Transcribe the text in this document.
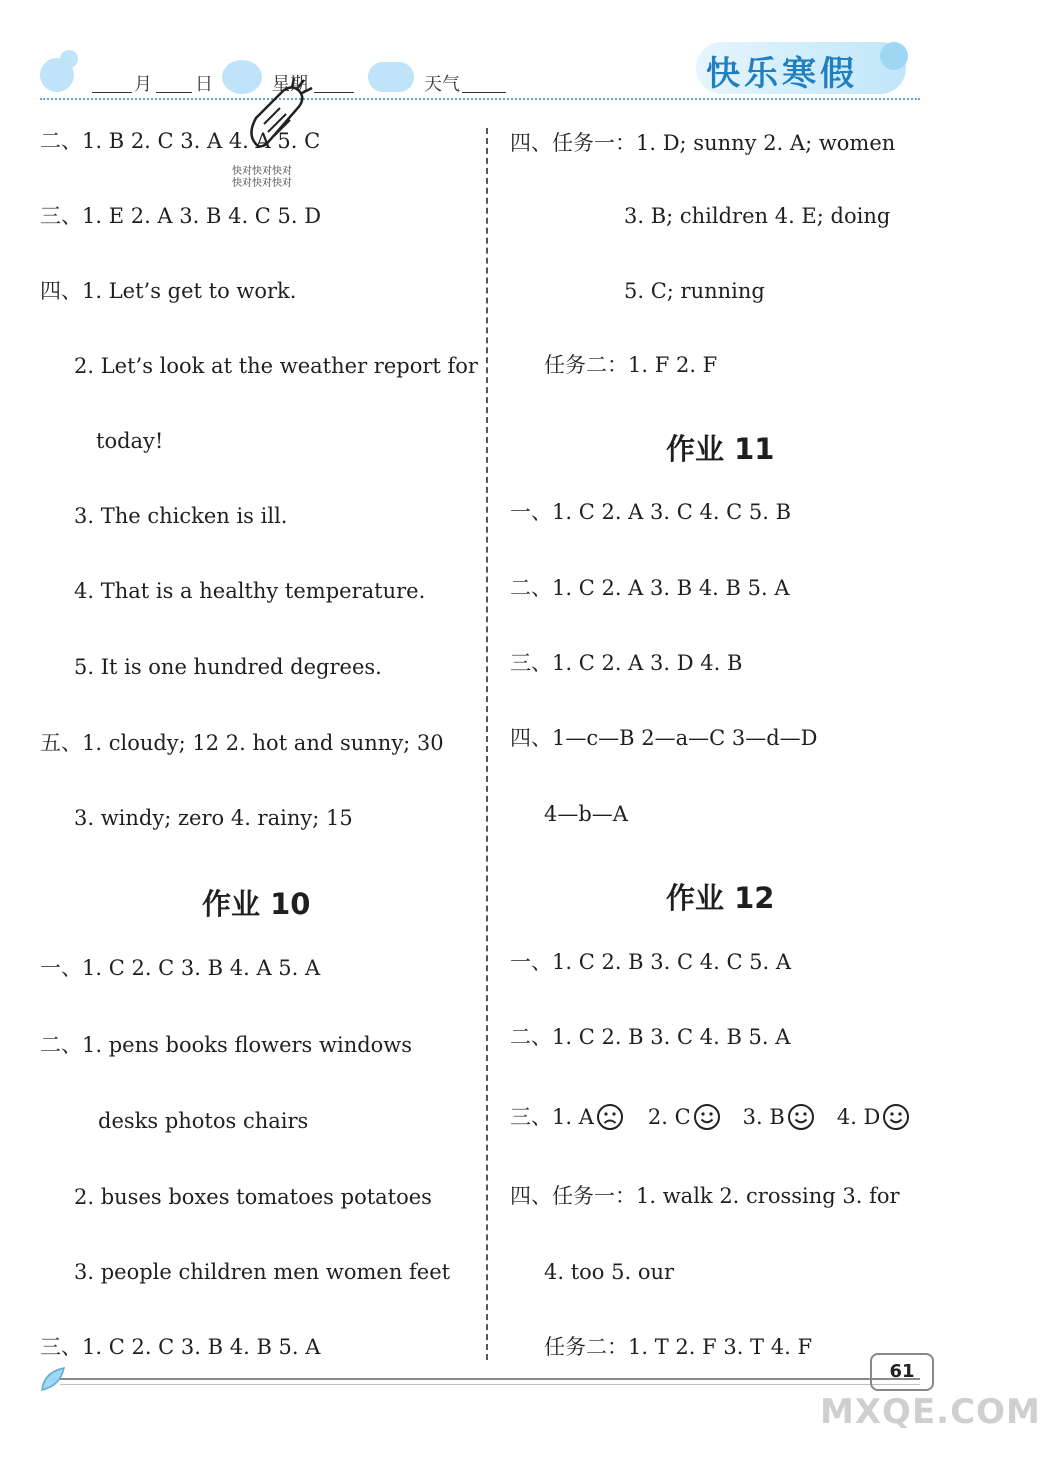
月 日	星期	天气	快乐寒假
快对快对快对
快对快对快对
二、1. B 2. C 3. A 4. A 5. C
三、1. E 2. A 3. B 4. C 5. D
四、1. Let’s get to work.
2. Let’s look at the weather report for
today!
3. The chicken is ill.
4. That is a healthy temperature.
5. It is one hundred degrees.
五、1. cloudy; 12 2. hot and sunny; 30
3. windy; zero 4. rainy; 15
作业 10
一、1. C 2. C 3. B 4. A 5. A
二、1. pens books flowers windows
desks photos chairs
2. buses boxes tomatoes potatoes
3. people children men women feet
三、1. C 2. C 3. B 4. B 5. A
四、任务一：1. D; sunny 2. A; women
3. B; children 4. E; doing
5. C; running
任务二：1. F 2. F
作业 11
一、1. C 2. A 3. C 4. C 5. B
二、1. C 2. A 3. B 4. B 5. A
三、1. C 2. A 3. D 4. B
四、1—c—B 2—a—C 3—d—D
4—b—A
作业 12
一、1. C 2. B 3. C 4. C 5. A
二、1. C 2. B 3. C 4. B 5. A
三、1. A	2. C 3. B 4. D
四、任务一：1. walk 2. crossing 3. for
4. too 5. our
任务二：1. T 2. F 3. T 4. F
61
MXQE.COM
